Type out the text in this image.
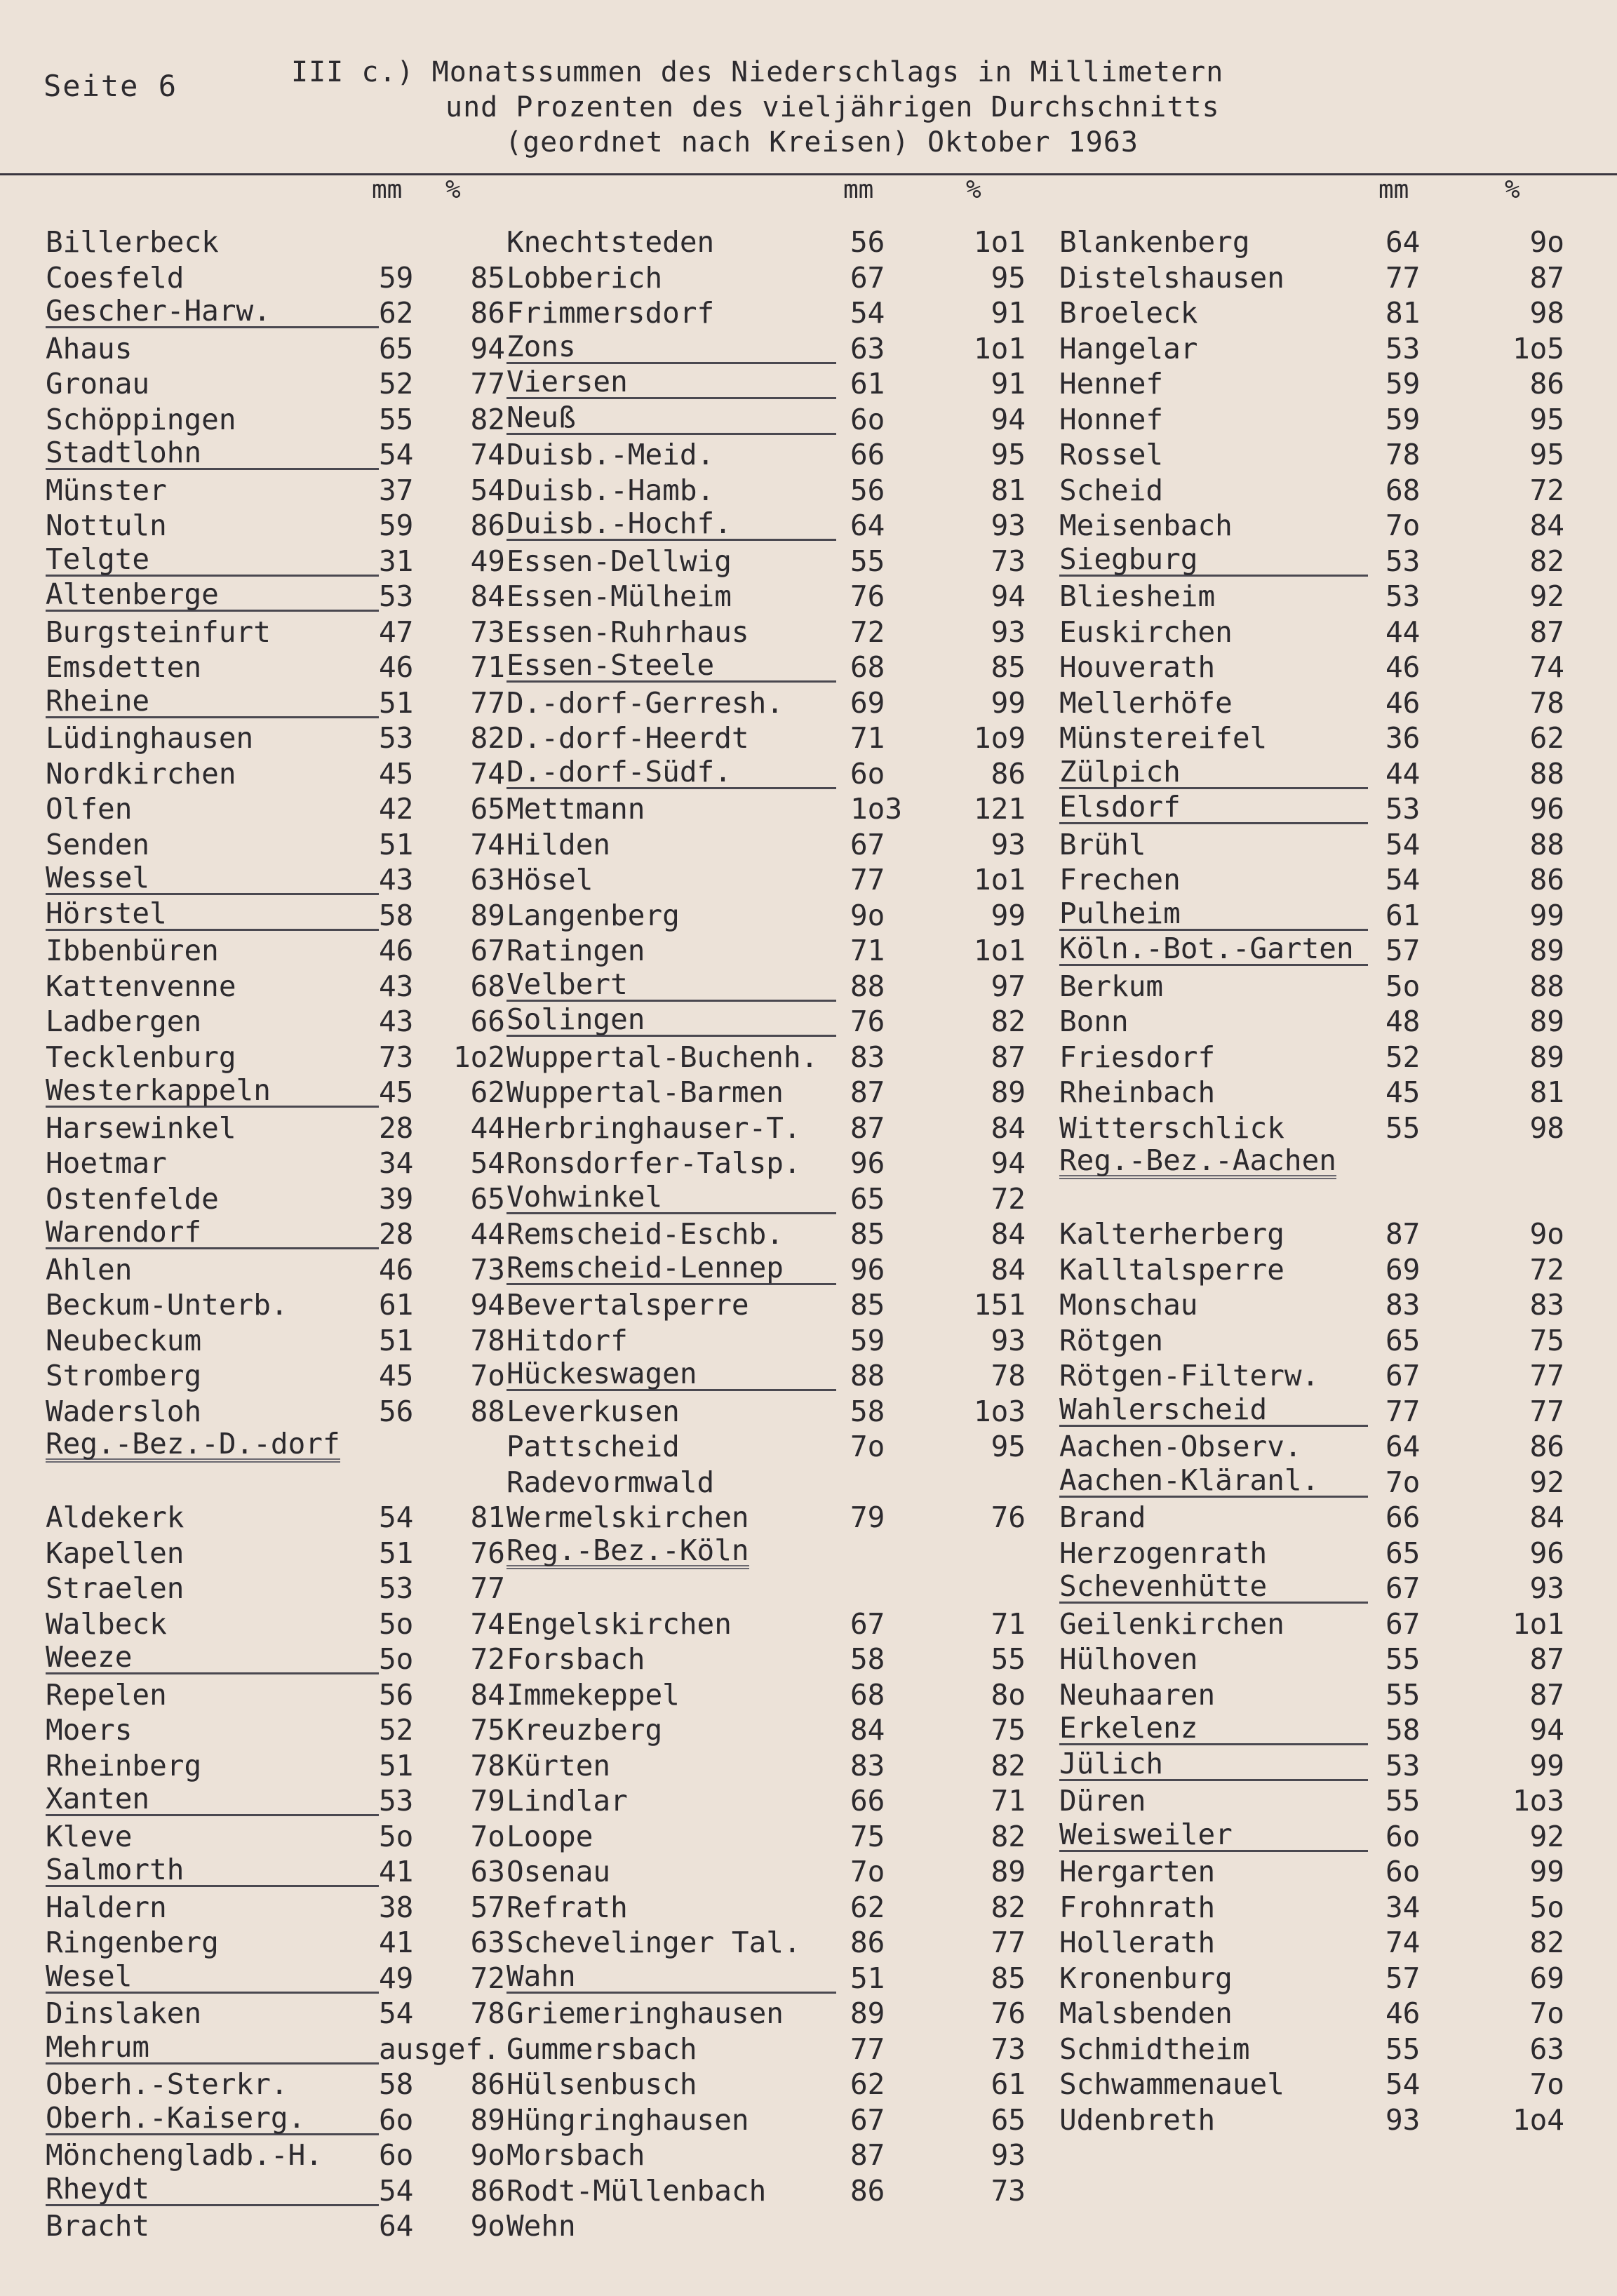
Seite 6	III c.) Monatssummen des Niederschlags in Millimetern
und Prozenten des vieljährigen Durchschnitts
(geordnet nach Kreisen) Oktober 1963
mm %
Billerbeck
Coesfeld	59	85
Gescher-Harw.	62	86
Ahaus	65	94
Gronau	52	77
Schöppingen	55	82
Stadtlohn	54	74
Münster	37	54
Nottuln	59	86
Telgte	31	49
Altenberge	53	84
Burgsteinfurt	47	73
Emsdetten	46	71
Rheine	51	77
Lüdinghausen	53	82
Nordkirchen	45	74
Olfen	42	65
Senden	51	74
Wessel	43	63
Hörstel	58	89
Ibbenbüren	46	67
Kattenvenne	43	68
Ladbergen	43	66
Tecklenburg	73 1o2
Westerkappeln	45	62
Harsewinkel	28	44
Hoetmar	34	54
Ostenfelde	39	65
Warendorf	28	44
Ahlen	46	73
Beckum-Unterb.	61	94
Neubeckum	51	78
Stromberg	45	7o
Wadersloh	56	88
Reg.-Bez.-D.-dorf
Aldekerk	54	81
Kapellen	51	76
Straelen	53	77
Walbeck	5o	74
Weeze	5o	72
Repelen	56	84
Moers	52	75
Rheinberg	51	78
Xanten	53	79
Kleve	5o	7o
Salmorth	41	63
Haldern	38	57
Ringenberg	41	63
Wesel	49	72
Dinslaken	54	78
Mehrum	ausgef.
Oberh.-Sterkr.	58	86
Oberh.-Kaiserg.	6o	89
Mönchengladb.-H. 6o	9o
Rheydt	54	86
Bracht	64	9o
mm	%
Knechtsteden	56	1o1
Lobberich	67	95
Frimmersdorf	54	91
Zons	63	1o1
Viersen	61	91
Neuß	6o	94
Duisb.-Meid.	66	95
Duisb.-Hamb.	56	81
Duisb.-Hochf.	64	93
Essen-Dellwig	55	73
Essen-Mülheim	76	94
Essen-Ruhrhaus	72	93
Essen-Steele	68	85
D.-dorf-Gerresh. 69	99
D.-dorf-Heerdt	71	1o9
D.-dorf-Südf.	6o	86
Mettmann	1o3 121
Hilden	67	93
Hösel	77	1o1
Langenberg	9o	99
Ratingen	71	1o1
Velbert	88	97
Solingen	76	82
Wuppertal-Buchenh. 83	87
Wuppertal-Barmen 87	89
Herbringhauser-T. 87	84
Ronsdorfer-Talsp. 96	94
Vohwinkel	65	72
Remscheid-Eschb. 85	84
Remscheid-Lennep	96	84
Bevertalsperre	85	151
Hitdorf	59	93
Hückeswagen	88	78
Leverkusen	58	1o3
Pattscheid	7o	95
Radevormwald
Wermelskirchen	79	76
Reg.-Bez.-Köln
Engelskirchen	67	71
Forsbach	58	55
Immekeppel	68	8o
Kreuzberg	84	75
Kürten	83	82
Lindlar	66	71
Loope	75	82
Osenau	7o	89
Refrath	62	82
Schevelinger Tal. 86	77
Wahn	51	85
Griemeringhausen 89	76
Gummersbach	77	73
Hülsenbusch	62	61
Hüngringhausen	67	65
Morsbach	87	93
Rodt-Müllenbach	86	73
Wehn
mm	%
Blankenberg	64	9o
Distelshausen	77	87
Broeleck	81	98
Hangelar	53	1o5
Hennef	59	86
Honnef	59	95
Rossel	78	95
Scheid	68	72
Meisenbach	7o	84
Siegburg	53	82
Bliesheim	53	92
Euskirchen	44	87
Houverath	46	74
Mellerhöfe	46	78
Münstereifel	36	62
Zülpich	44	88
Elsdorf	53	96
Brühl	54	88
Frechen	54	86
Pulheim	61	99
Köln.-Bot.-Garten	57	89
Berkum	5o	88
Bonn	48	89
Friesdorf	52	89
Rheinbach	45	81
Witterschlick	55	98
Reg.-Bez.-Aachen
Kalterherberg	87	9o
Kalltalsperre	69	72
Monschau	83	83
Rötgen	65	75
Rötgen-Filterw. 67	77
Wahlerscheid	77	77
Aachen-Observ.	64	86
Aachen-Kläranl.	7o	92
Brand	66	84
Herzogenrath	65	96
Schevenhütte	67	93
Geilenkirchen	67	1o1
Hülhoven	55	87
Neuhaaren	55	87
Erkelenz	58	94
Jülich	53	99
Düren	55	1o3
Weisweiler	6o	92
Hergarten	6o	99
Frohnrath	34	5o
Hollerath	74	82
Kronenburg	57	69
Malsbenden	46	7o
Schmidtheim	55	63
Schwammenauel	54	7o
Udenbreth	93	1o4
